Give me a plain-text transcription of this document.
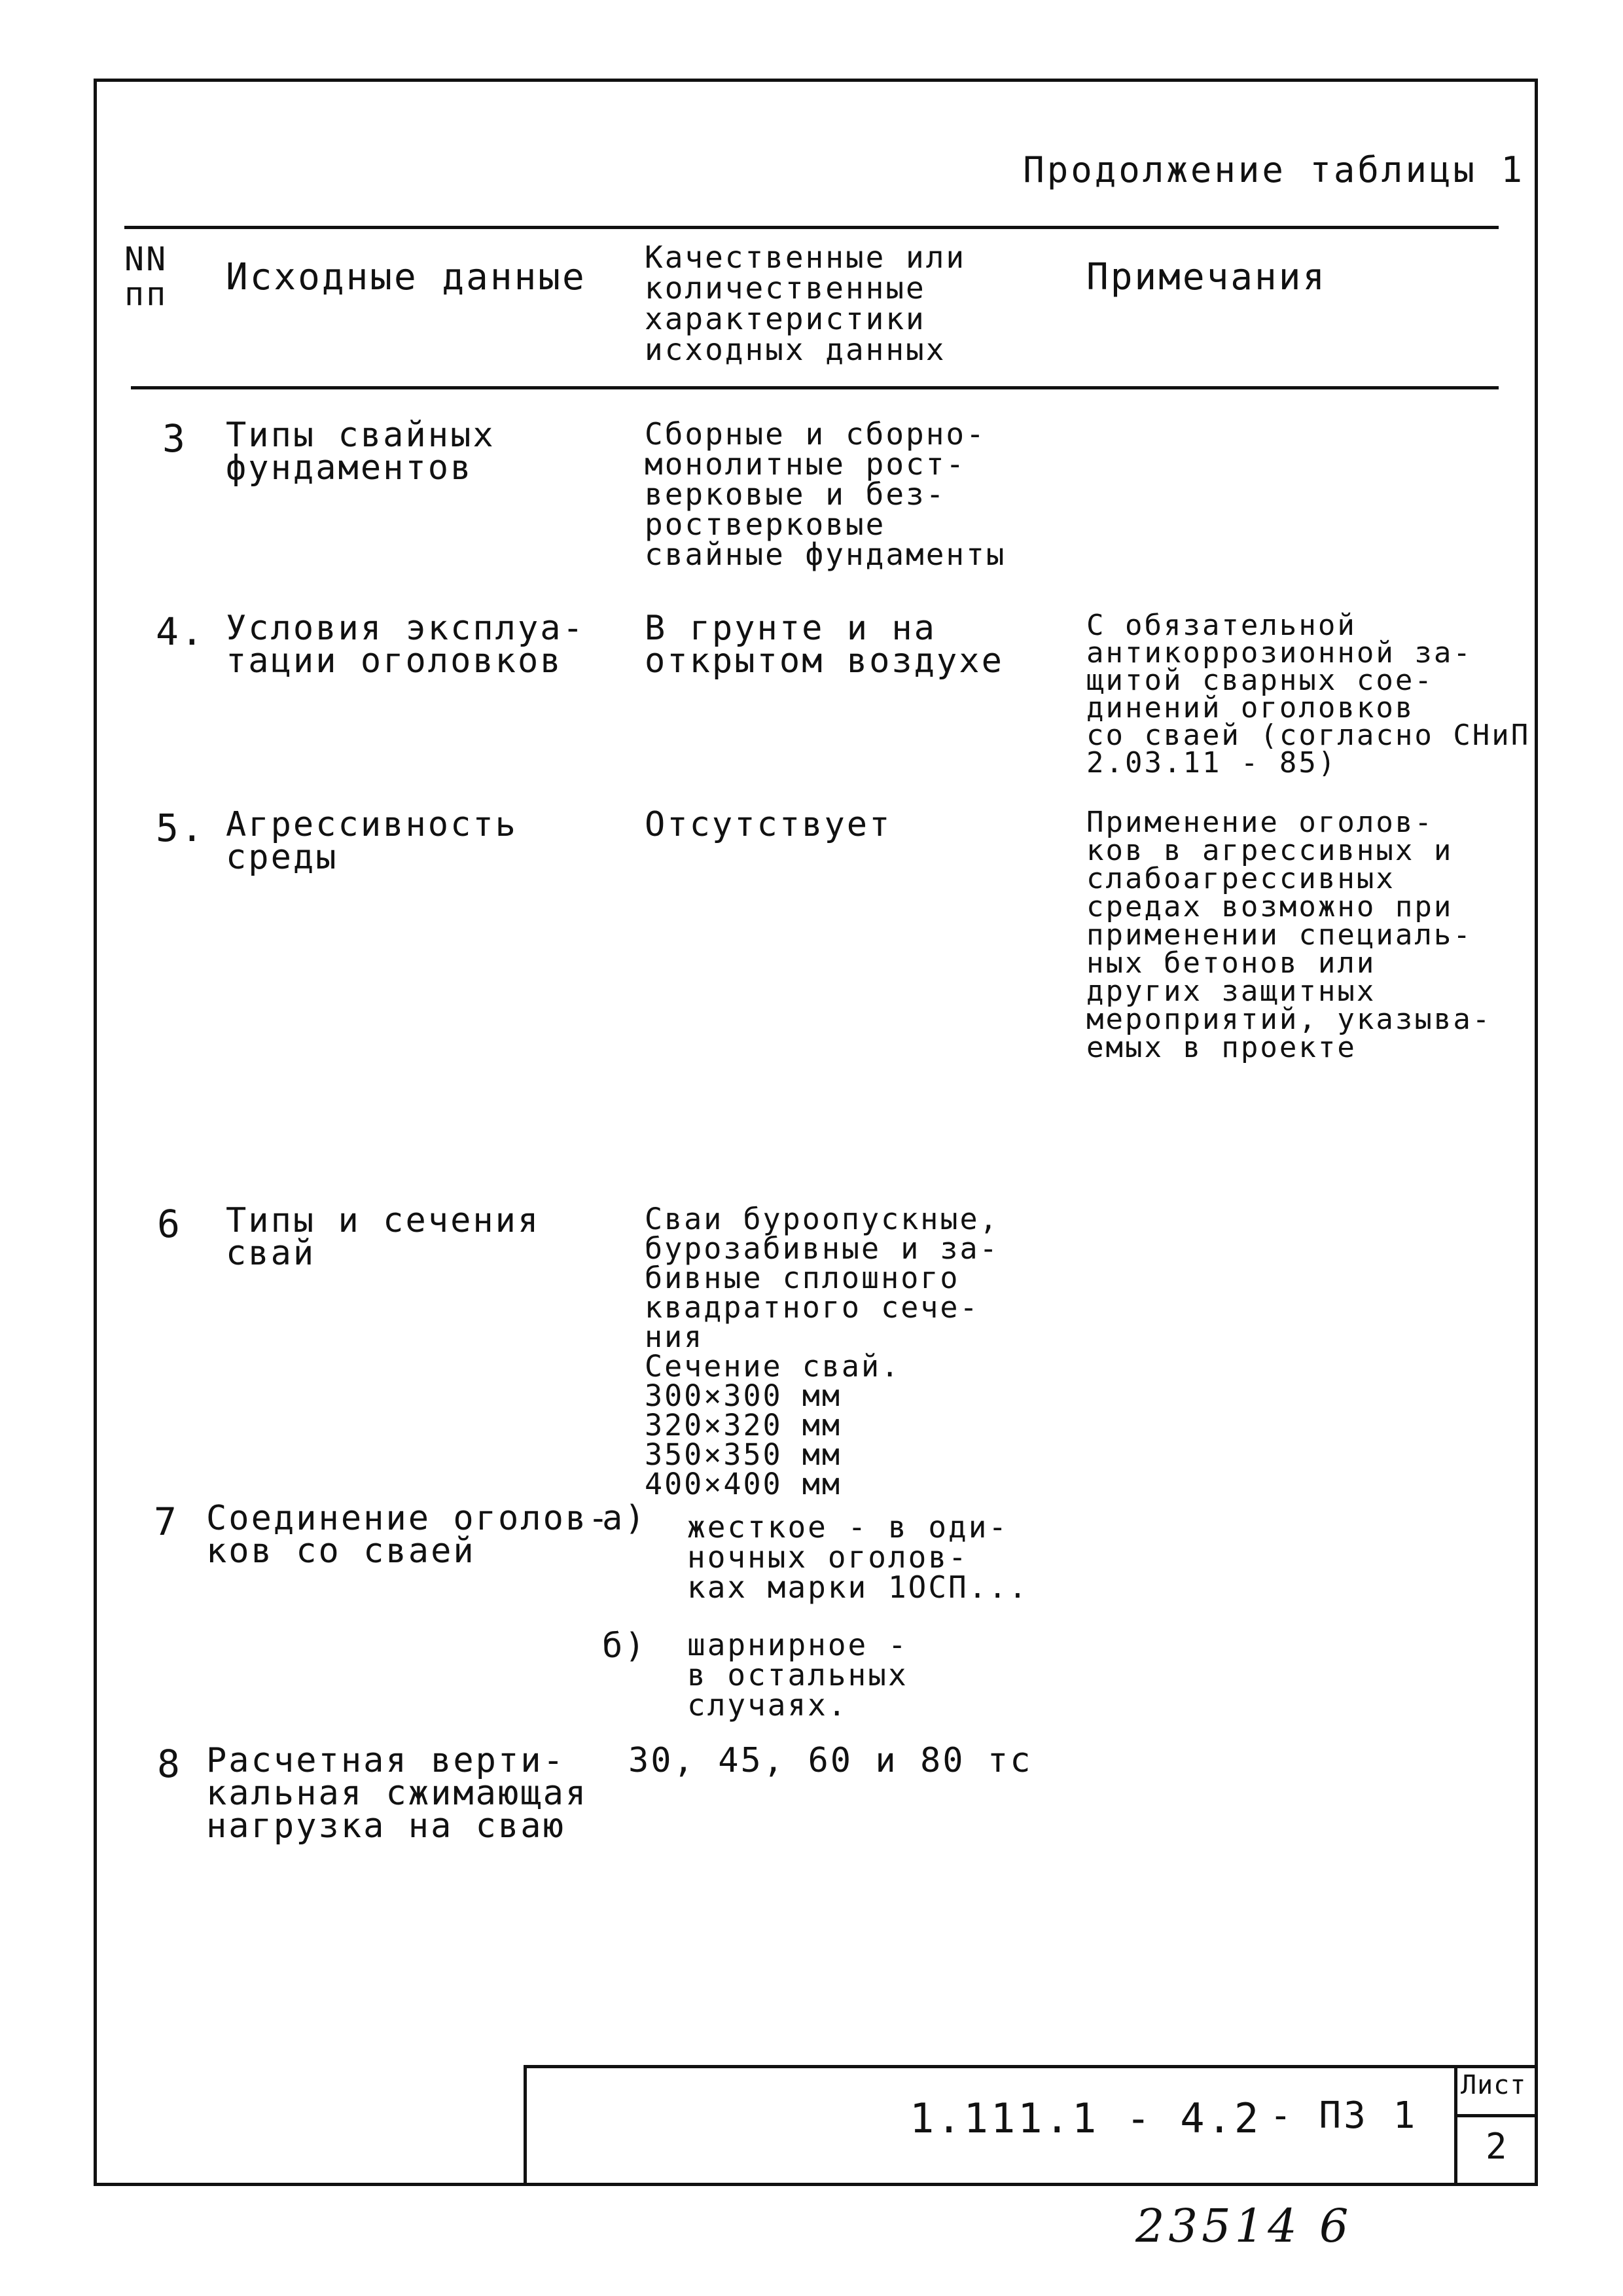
Продолжение таблицы 1
NN
пп Исходные данные Качественные или
количественные
характеристики
исходных данных
Примечания
3 Типы свайных
фундаментов
Сборные и сборно-
монолитные рост-
верковые и без-
ростверковые
свайные фундаменты
4. Условия эксплуа-
тации оголовков
В грунте и на
открытом воздухе
С обязательной
антикоррозионной за-
щитой сварных сое-
динений оголовков
со сваей (согласно СНиП
2.03.11 - 85)
5. Агрессивность
среды
Отсутствует	Применение оголов-
ков в агрессивных и
слабоагрессивных
средах возможно при
применении специаль-
ных бетонов или
других защитных
мероприятий, указыва-
емых в проекте
6 Типы и сечения
свай
Сваи буроопускные,
бурозабивные и за-
бивные сплошного
квадратного сече-
ния
Сечение свай.
300×300 мм
320×320 мм
350×350 мм
400×400 мм
7 Соединение оголов-
ков со сваей
а) жесткое - в оди-
ночных оголов-
ках марки 1ОСП...
б) шарнирное -
в остальных
случаях.
8 Расчетная верти-
кальная сжимающая
нагрузка на сваю
30, 45, 60 и 80 тс
1.111.1 - 4.2 - ПЗ 1
Лист
2
23514 6
